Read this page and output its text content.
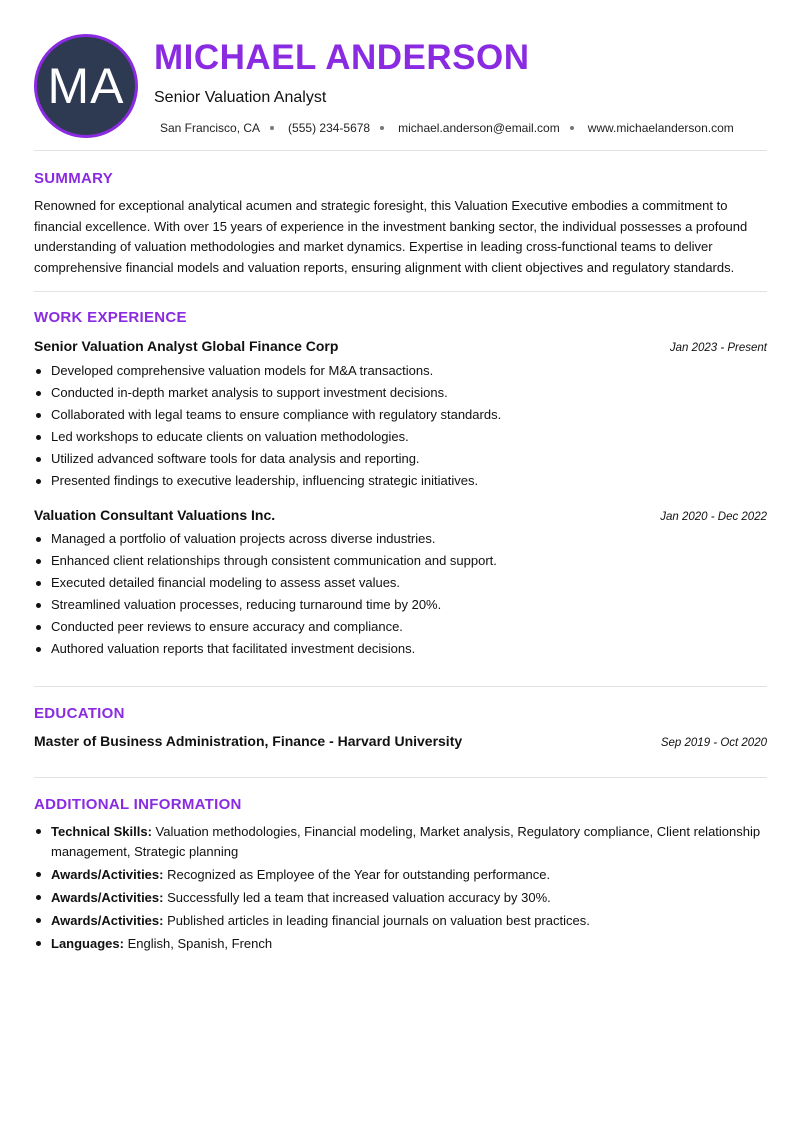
MA
MICHAEL ANDERSON
Senior Valuation Analyst
San Francisco, CA (555) 234-5678 michael.anderson@email.com www.michaelanderson.com
SUMMARY
Renowned for exceptional analytical acumen and strategic foresight, this Valuation Executive embodies a commitment to financial excellence. With over 15 years of experience in the investment banking sector, the individual possesses a profound understanding of valuation methodologies and market dynamics. Expertise in leading cross-functional teams to deliver comprehensive financial models and valuation reports, ensuring alignment with client objectives and regulatory standards.
WORK EXPERIENCE
Senior Valuation Analyst Global Finance Corp	Jan 2023 - Present
Developed comprehensive valuation models for M&A transactions.
Conducted in-depth market analysis to support investment decisions.
Collaborated with legal teams to ensure compliance with regulatory standards.
Led workshops to educate clients on valuation methodologies.
Utilized advanced software tools for data analysis and reporting.
Presented findings to executive leadership, influencing strategic initiatives.
Valuation Consultant Valuations Inc.	Jan 2020 - Dec 2022
Managed a portfolio of valuation projects across diverse industries.
Enhanced client relationships through consistent communication and support.
Executed detailed financial modeling to assess asset values.
Streamlined valuation processes, reducing turnaround time by 20%.
Conducted peer reviews to ensure accuracy and compliance.
Authored valuation reports that facilitated investment decisions.
EDUCATION
Master of Business Administration, Finance - Harvard University	Sep 2019 - Oct 2020
ADDITIONAL INFORMATION
Technical Skills: Valuation methodologies, Financial modeling, Market analysis, Regulatory compliance, Client relationship management, Strategic planning
Awards/Activities: Recognized as Employee of the Year for outstanding performance.
Awards/Activities: Successfully led a team that increased valuation accuracy by 30%.
Awards/Activities: Published articles in leading financial journals on valuation best practices.
Languages: English, Spanish, French
